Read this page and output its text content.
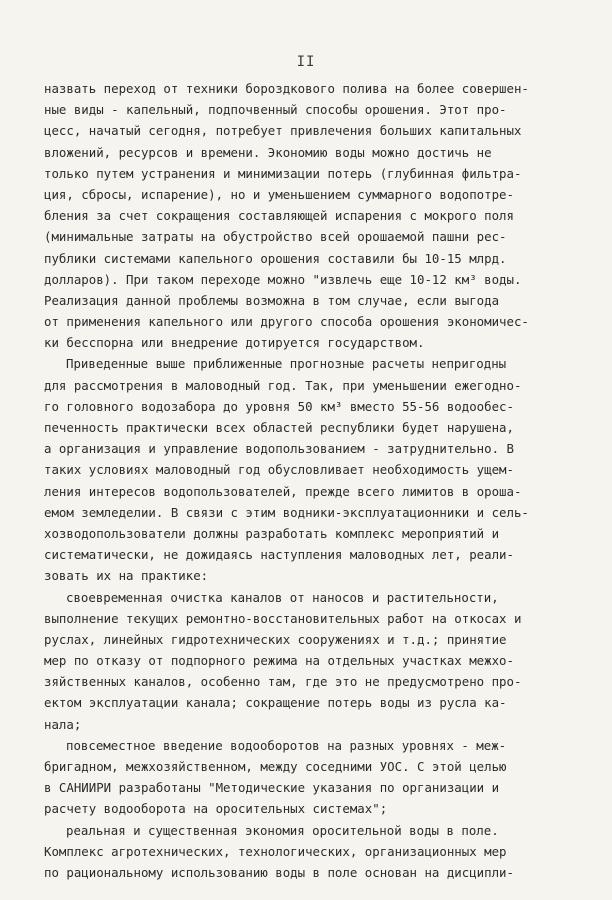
II
назвать переход от техники бороздкового полива на более совершен-
ные виды - капельный, подпочвенный способы орошения. Этот про-
цесс, начатый сегодня, потребует привлечения больших капитальных
вложений, ресурсов и времени. Экономию воды можно достичь не
только путем устранения и минимизации потерь (глубинная фильтра-
ция, сбросы, испарение), но и уменьшением суммарного водопотре-
бления за счет сокращения составляющей испарения с мокрого поля
(минимальные затраты на обустройство всей орошаемой пашни рес-
публики системами капельного орошения составили бы 10-15 млрд.
долларов). При таком переходе можно "извлечь еще 10-12 км³ воды.
Реализация данной проблемы возможна в том случае, если выгода
от применения капельного или другого способа орошения экономичес-
ки бесспорна или внедрение дотируется государством.
Приведенные выше приближенные прогнозные расчеты непригодны
для рассмотрения в маловодный год. Так, при уменьшении ежегодно-
го головного водозабора до уровня 50 км³ вместо 55-56 водообес-
печенность практически всех областей республики будет нарушена,
а организация и управление водопользованием - затруднительно. В
таких условиях маловодный год обусловливает необходимость ущем-
ления интересов водопользователей, прежде всего лимитов в ороша-
емом земледелии. В связи с этим водники-эксплуатационники и сель-
хозводопользователи должны разработать комплекс мероприятий и
систематически, не дожидаясь наступления маловодных лет, реали-
зовать их на практике:
своевременная очистка каналов от наносов и растительности,
выполнение текущих ремонтно-восстановительных работ на откосах и
руслах, линейных гидротехнических сооружениях и т.д.; принятие
мер по отказу от подпорного режима на отдельных участках межхо-
зяйственных каналов, особенно там, где это не предусмотрено про-
ектом эксплуатации канала; сокращение потерь воды из русла ка-
нала;
повсеместное введение водооборотов на разных уровнях - меж-
бригадном, межхозяйственном, между соседними УОС. С этой целью
в САНИИРИ разработаны "Методические указания по организации и
расчету водооборота на оросительных системах";
реальная и существенная экономия оросительной воды в поле.
Комплекс агротехнических, технологических, организационных мер
по рациональному использованию воды в поле основан на дисципли-
